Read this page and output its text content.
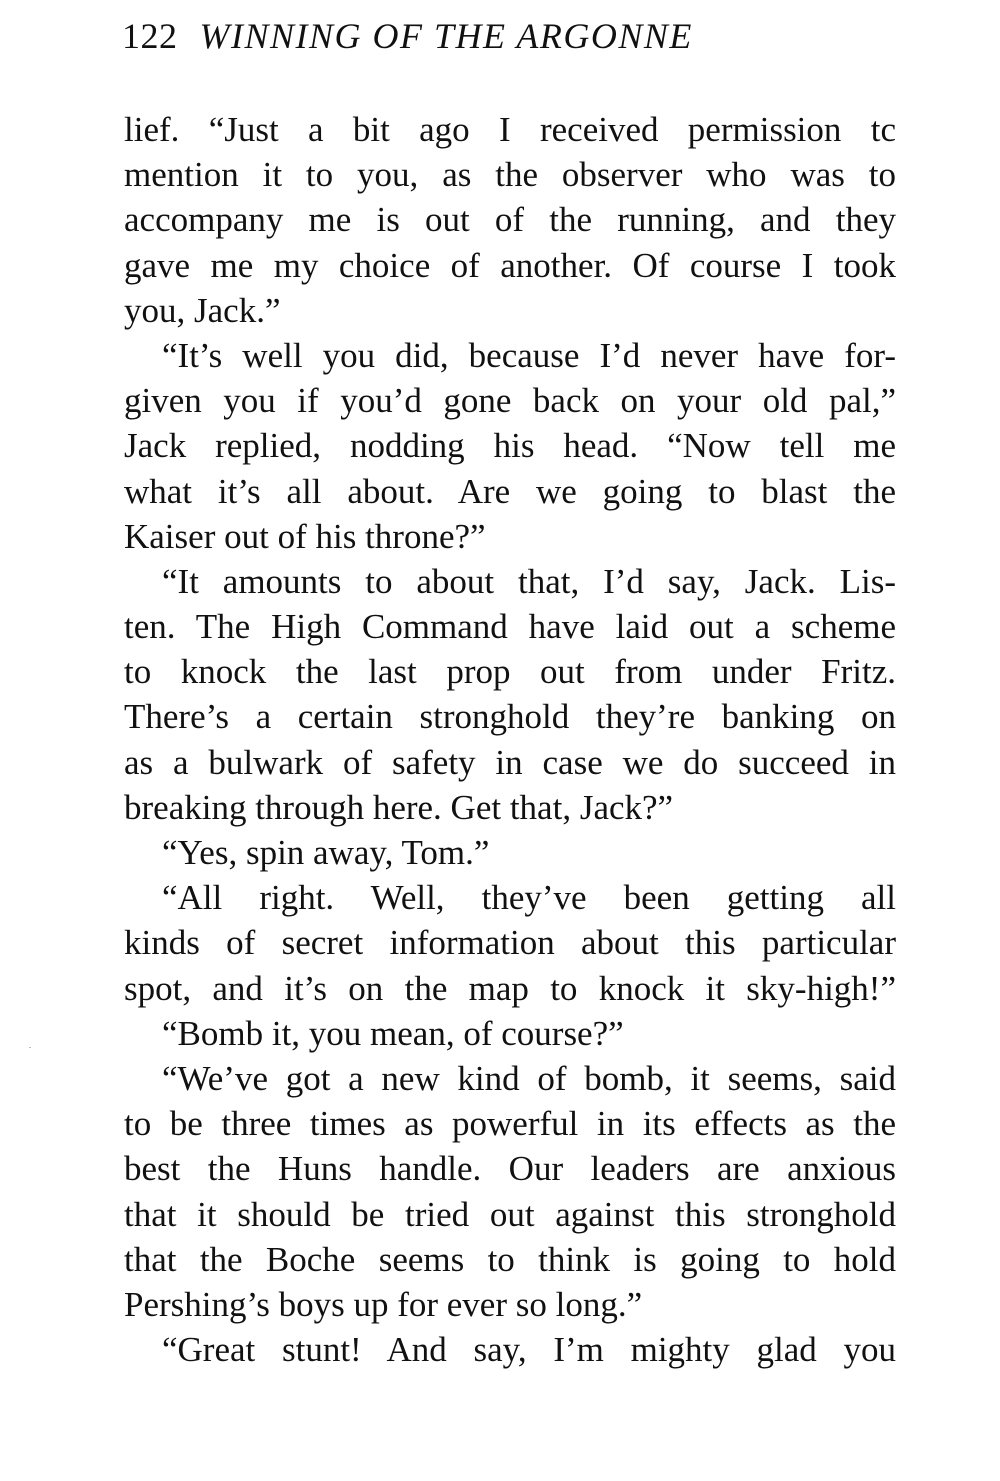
122 WINNING OF THE ARGONNE
lief. “Just a bit ago I received permission tc
mention it to you, as the observer who was to
accompany me is out of the running, and they
gave me my choice of another. Of course I took
you, Jack.”
“It’s well you did, because I’d never have for-
given you if you’d gone back on your old pal,”
Jack replied, nodding his head. “Now tell me
what it’s all about. Are we going to blast the
Kaiser out of his throne?”
“It amounts to about that, I’d say, Jack. Lis-
ten. The High Command have laid out a scheme
to knock the last prop out from under Fritz.
There’s a certain stronghold they’re banking on
as a bulwark of safety in case we do succeed in
breaking through here. Get that, Jack?”
“Yes, spin away, Tom.”
“All right. Well, they’ve been getting all
kinds of secret information about this particular
spot, and it’s on the map to knock it sky-high!”
“Bomb it, you mean, of course?”
“We’ve got a new kind of bomb, it seems, said
to be three times as powerful in its effects as the
best the Huns handle. Our leaders are anxious
that it should be tried out against this stronghold
that the Boche seems to think is going to hold
Pershing’s boys up for ever so long.”
“Great stunt! And say, I’m mighty glad you
